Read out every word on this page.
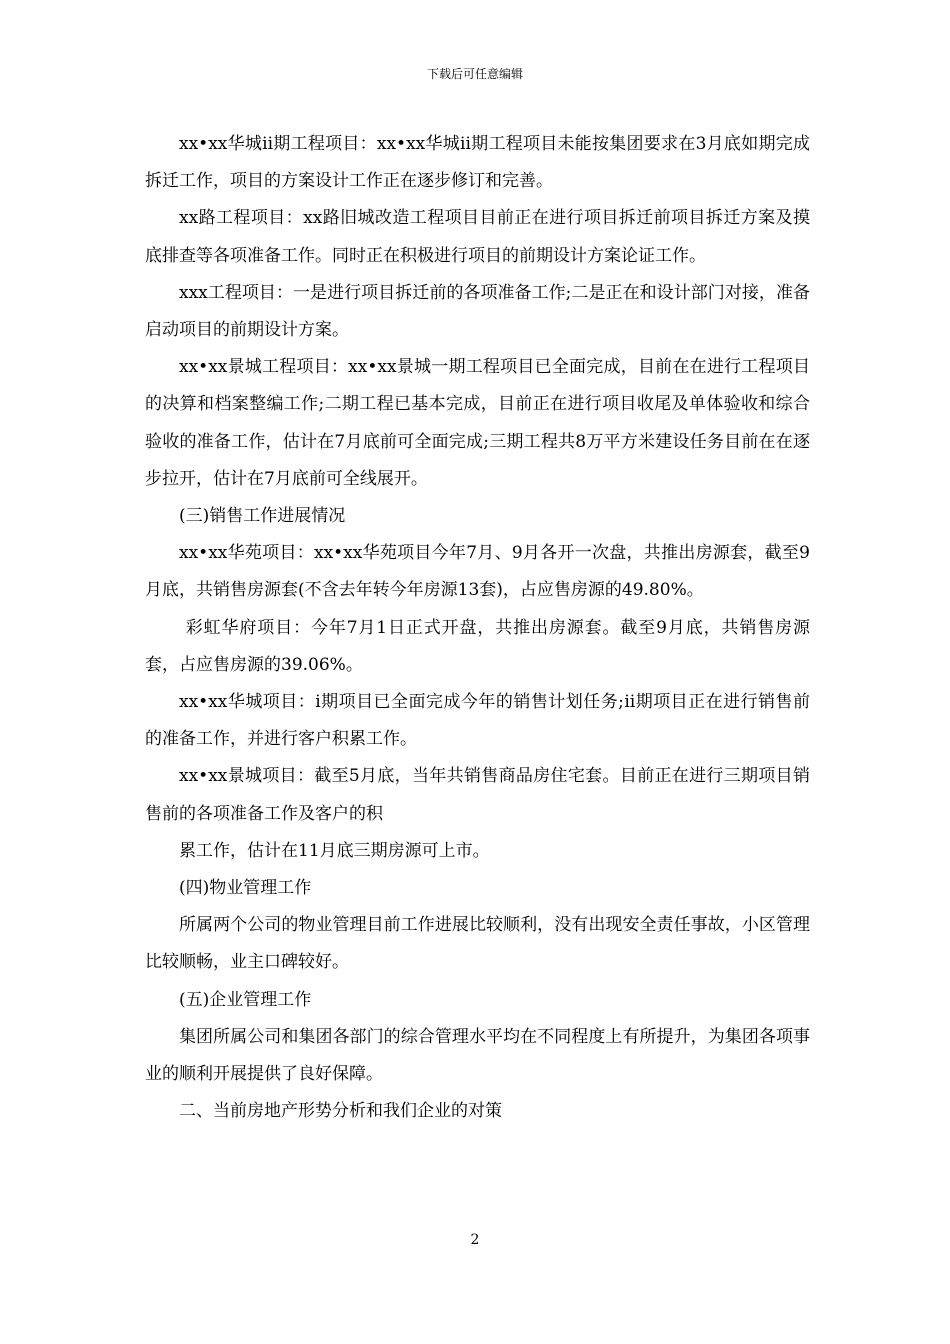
下载后可任意编辑

xx•xx华城ii期工程项目：xx•xx华城ii期工程项目未能按集团要求在3月底如期完成拆迁工作，项目的方案设计工作正在逐步修订和完善。

xx路工程项目：xx路旧城改造工程项目目前正在进行项目拆迁前项目拆迁方案及摸底排查等各项准备工作。同时正在积极进行项目的前期设计方案论证工作。

xxx工程项目：一是进行项目拆迁前的各项准备工作;二是正在和设计部门对接，准备启动项目的前期设计方案。

xx•xx景城工程项目：xx•xx景城一期工程项目已全面完成，目前在在进行工程项目的决算和档案整编工作;二期工程已基本完成，目前正在进行项目收尾及单体验收和综合验收的准备工作，估计在7月底前可全面完成;三期工程共8万平方米建设任务目前在在逐步拉开，估计在7月底前可全线展开。

(三)销售工作进展情况

xx•xx华苑项目：xx•xx华苑项目今年7月、9月各开一次盘，共推出房源套，截至9月底，共销售房源套(不含去年转今年房源13套)，占应售房源的49.80%。

彩虹华府项目：今年7月1日正式开盘，共推出房源套。截至9月底，共销售房源套，占应售房源的39.06%。

xx•xx华城项目：ⅰ期项目已全面完成今年的销售计划任务;ⅱ期项目正在进行销售前的准备工作，并进行客户积累工作。

xx•xx景城项目：截至5月底，当年共销售商品房住宅套。目前正在进行三期项目销售前的各项准备工作及客户的积

累工作，估计在11月底三期房源可上市。

(四)物业管理工作

所属两个公司的物业管理目前工作进展比较顺利，没有出现安全责任事故，小区管理比较顺畅，业主口碑较好。

(五)企业管理工作

集团所属公司和集团各部门的综合管理水平均在不同程度上有所提升，为集团各项事业的顺利开展提供了良好保障。

二、当前房地产形势分析和我们企业的对策

2
